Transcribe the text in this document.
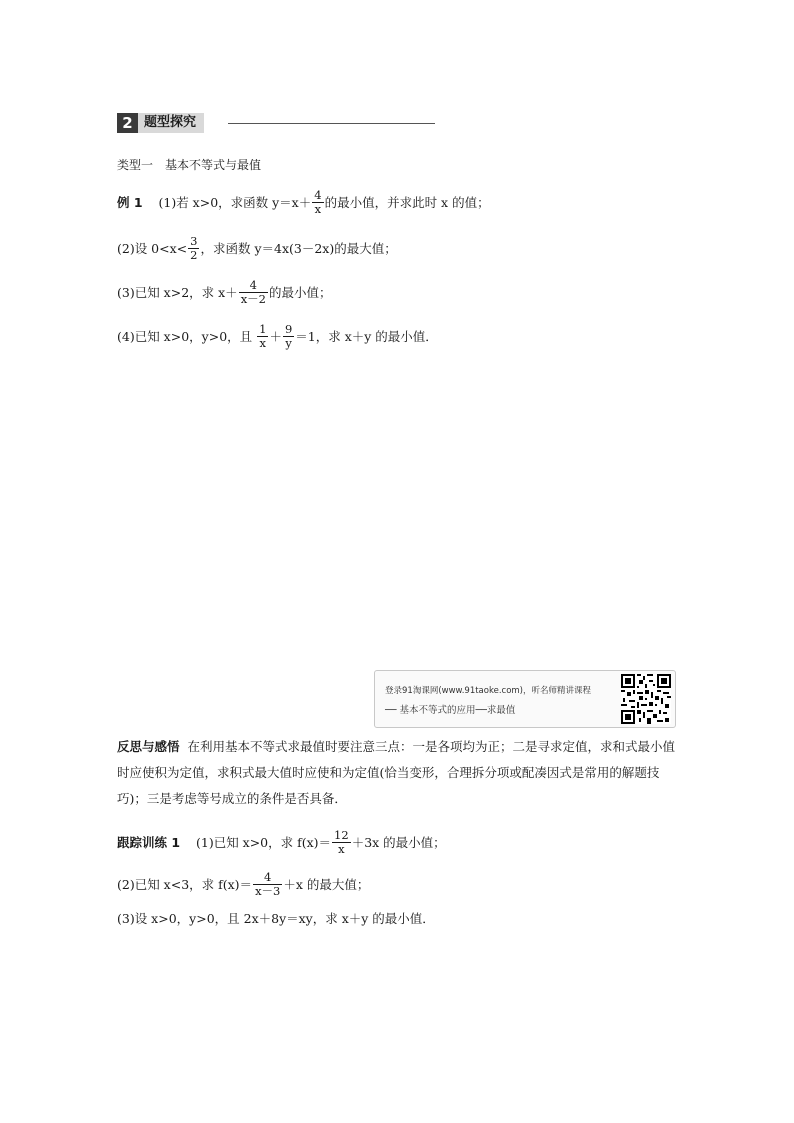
2 题型探究
类型一　基本不等式与最值
例 1 (1)若 x>0，求函数 $y=x+ \frac{4}{x}$ 的最小值，并求此时 x 的值；
(2)设 $0<x< \frac{3}{2}$ ，求函数 y＝4x(3－2x)的最大值；
(3)已知 x>2，求 $x+ \frac{4}{x-2}$ 的最小值；
(4)已知 x>0，y>0，且 $\frac{1}{x} + \frac{9}{y} =1$，求 x＋y 的最小值．
登录91淘课网(www.91taoke.com)，听名师精讲课程
── 基本不等式的应用──求最值
反思与感悟 在利用基本不等式求最值时要注意三点：一是各项均为正；二是寻求定值，求和式最小值时应使积为定值，求积式最大值时应使和为定值(恰当变形，合理拆分项或配凑因式是常用的解题技巧)；三是考虑等号成立的条件是否具备．
跟踪训练 1 (1)已知 x>0，求 $f(x)= \frac{12}{x} +3x$ 的最小值；
(2)已知 x<3，求 $f(x)= \frac{4}{x-3} +x$ 的最大值；
(3)设 x>0，y>0，且 2x＋8y＝xy，求 x＋y 的最小值．
